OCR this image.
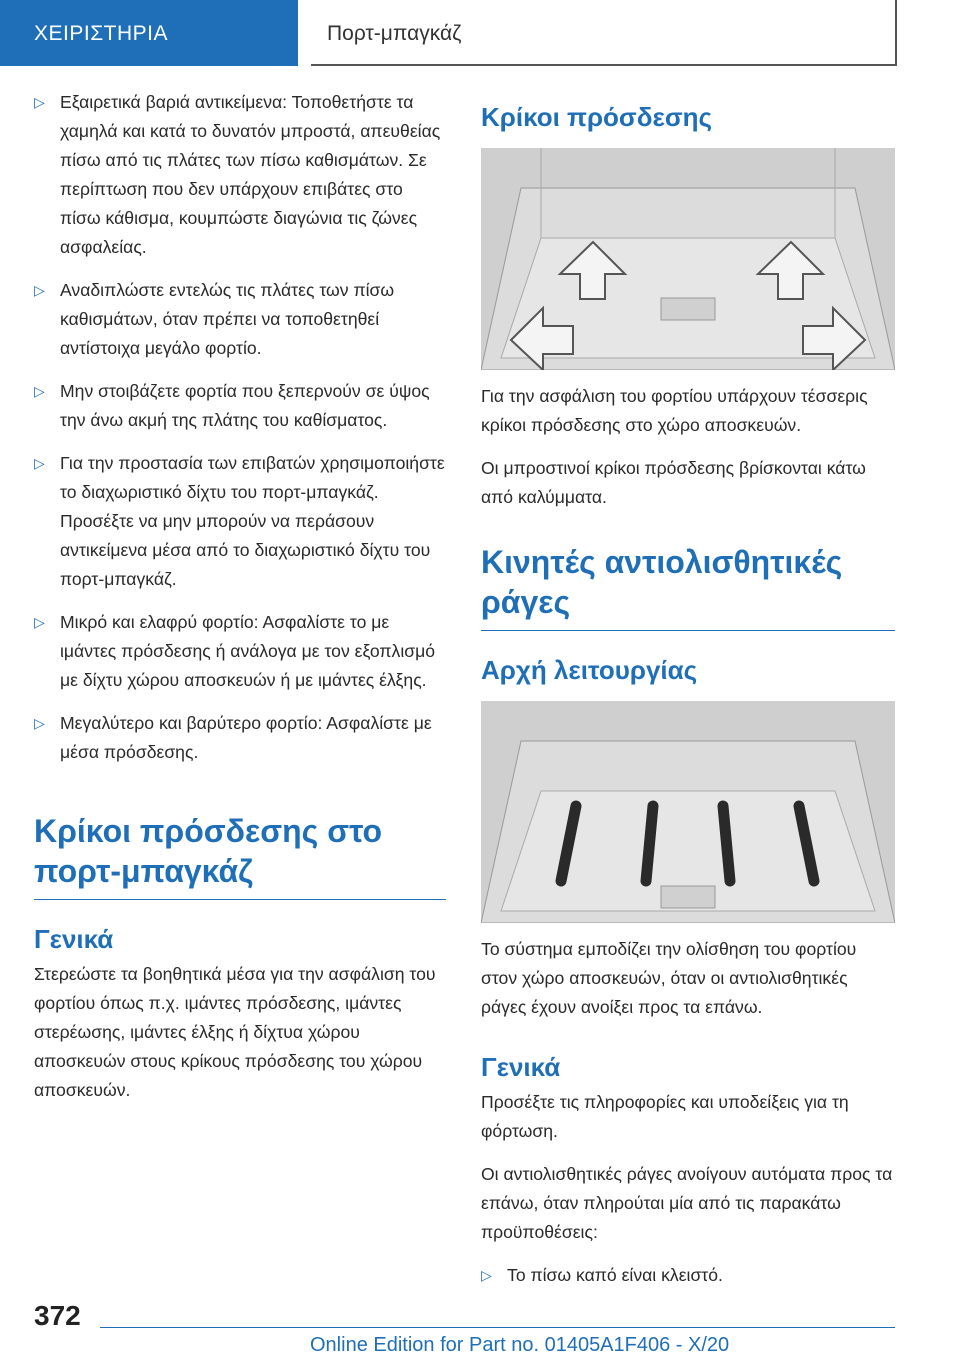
ΧΕΙΡΙΣΤΗΡΙΑ	Πορτ-μπαγκάζ
▷ Εξαιρετικά βαριά αντικείμενα: Τοποθετήστε τα χαμηλά και κατά το δυνατόν μπροστά, απευθείας πίσω από τις πλάτες των πίσω καθισμάτων. Σε περίπτωση που δεν υπάρχουν επιβάτες στο πίσω κάθισμα, κουμπώστε διαγώνια τις ζώνες ασφαλείας.
▷ Αναδιπλώστε εντελώς τις πλάτες των πίσω καθισμάτων, όταν πρέπει να τοποθετηθεί αντίστοιχα μεγάλο φορτίο.
▷ Μην στοιβάζετε φορτία που ξεπερνούν σε ύψος την άνω ακμή της πλάτης του καθίσματος.
▷ Για την προστασία των επιβατών χρησιμοποιήστε το διαχωριστικό δίχτυ του πορτ-μπαγκάζ. Προσέξτε να μην μπορούν να περάσουν αντικείμενα μέσα από το διαχωριστικό δίχτυ του πορτ-μπαγκάζ.
▷ Μικρό και ελαφρύ φορτίο: Ασφαλίστε το με ιμάντες πρόσδεσης ή ανάλογα με τον εξοπλισμό με δίχτυ χώρου αποσκευών ή με ιμάντες έλξης.
▷ Μεγαλύτερο και βαρύτερο φορτίο: Ασφαλίστε με μέσα πρόσδεσης.
Κρίκοι πρόσδεσης στο πορτ-μπαγκάζ
Γενικά

Στερεώστε τα βοηθητικά μέσα για την ασφάλιση του φορτίου όπως π.χ. ιμάντες πρόσδεσης, ιμάντες στερέωσης, ιμάντες έλξης ή δίχτυα χώρου αποσκευών στους κρίκους πρόσδεσης του χώρου αποσκευών.

Κρίκοι πρόσδεσης

Για την ασφάλιση του φορτίου υπάρχουν τέσσερις κρίκοι πρόσδεσης στο χώρο αποσκευών.

Οι μπροστινοί κρίκοι πρόσδεσης βρίσκονται κάτω από καλύμματα.

Κινητές αντιολισθητικές ράγες
Αρχή λειτουργίας

Το σύστημα εμποδίζει την ολίσθηση του φορτίου στον χώρο αποσκευών, όταν οι αντιολισθητικές ράγες έχουν ανοίξει προς τα επάνω.

Γενικά

Προσέξτε τις πληροφορίες και υποδείξεις για τη φόρτωση.

Οι αντιολισθητικές ράγες ανοίγουν αυτόματα προς τα επάνω, όταν πληρούται μία από τις παρακάτω προϋποθέσεις:

▷ Το πίσω καπό είναι κλειστό.
372
Online Edition for Part no. 01405A1F406 - X/20
